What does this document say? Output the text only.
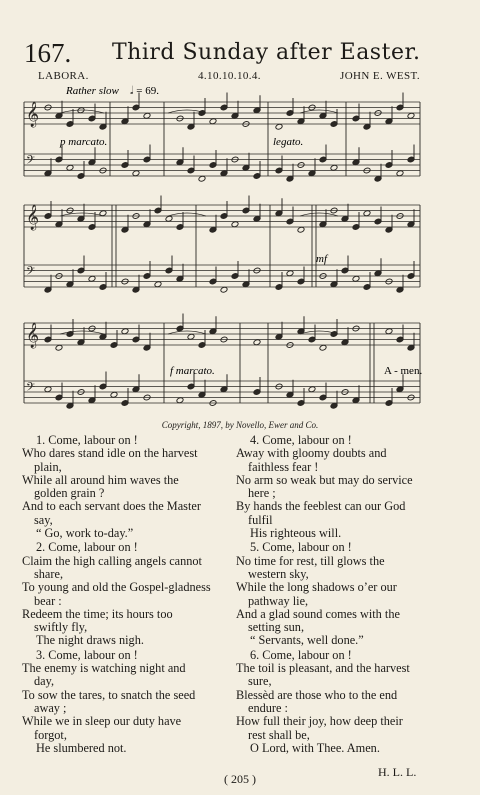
167. Third Sunday after Easter.
LABORA.	4.10.10.10.4.	JOHN E. WEST.
𝄞
𝄢
𝄞
𝄢
𝄞
𝄢
Rather slow 𝅗𝅥 = 69.
p marcato.	legato.
mf
f marcato.	A - men.
Copyright, 1897, by Novello, Ewer and Co.
1. Come, labour on !
Who dares stand idle on the harvest
plain,
While all around him waves the
golden grain ?
And to each servant does the Master
say,
“ Go, work to-day.”
2. Come, labour on !
Claim the high calling angels cannot
share,
To young and old the Gospel-gladness
bear :
Redeem the time; its hours too
swiftly fly,
The night draws nigh.
3. Come, labour on !
The enemy is watching night and
day,
To sow the tares, to snatch the seed
away ;
While we in sleep our duty have
forgot,
He slumbered not.
4. Come, labour on !
Away with gloomy doubts and
faithless fear !
No arm so weak but may do service
here ;
By hands the feeblest can our God
fulfil
His righteous will.
5. Come, labour on !
No time for rest, till glows the
western sky,
While the long shadows o’er our
pathway lie,
And a glad sound comes with the
setting sun,
“ Servants, well done.”
6. Come, labour on !
The toil is pleasant, and the harvest
sure,
Blessèd are those who to the end
endure :
How full their joy, how deep their
rest shall be,
O Lord, with Thee. Amen.
H. L. L.
( 205 )
